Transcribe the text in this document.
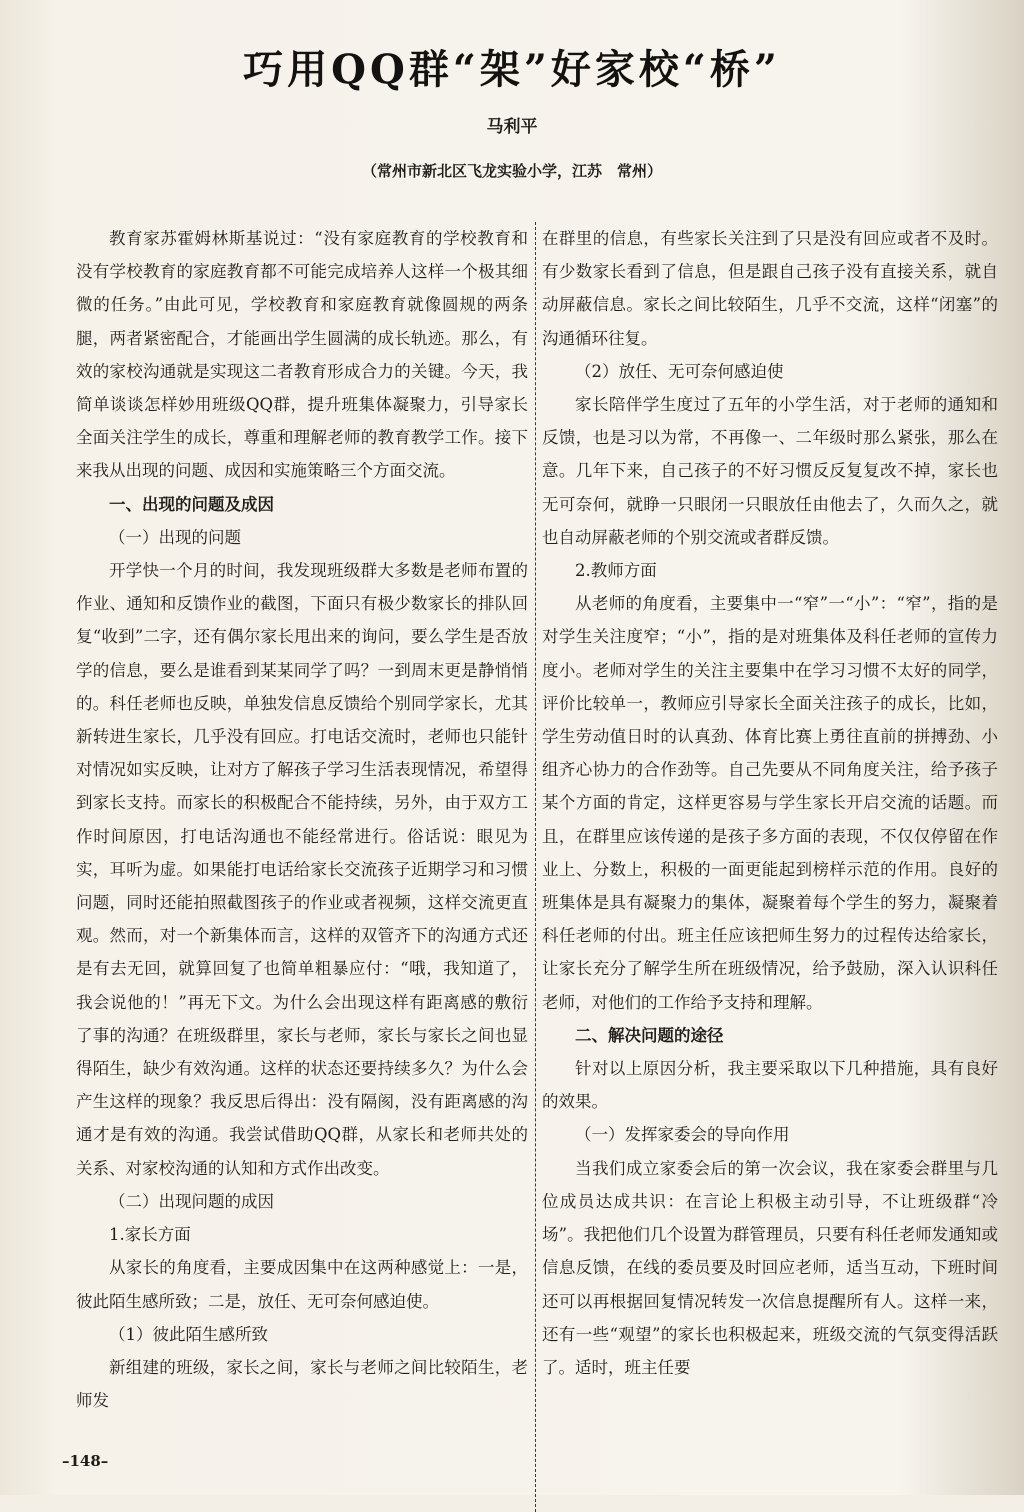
巧用QQ群“架”好家校“桥”
马利平
（常州市新北区飞龙实验小学，江苏　常州）

教育家苏霍姆林斯基说过：“没有家庭教育的学校教育和没有学校教育的家庭教育都不可能完成培养人这样一个极其细微的任务。”由此可见，学校教育和家庭教育就像圆规的两条腿，两者紧密配合，才能画出学生圆满的成长轨迹。那么，有效的家校沟通就是实现这二者教育形成合力的关键。今天，我简单谈谈怎样妙用班级QQ群，提升班集体凝聚力，引导家长全面关注学生的成长，尊重和理解老师的教育教学工作。接下来我从出现的问题、成因和实施策略三个方面交流。

一、出现的问题及成因
（一）出现的问题

开学快一个月的时间，我发现班级群大多数是老师布置的作业、通知和反馈作业的截图，下面只有极少数家长的排队回复“收到”二字，还有偶尔家长甩出来的询问，要么学生是否放学的信息，要么是谁看到某某同学了吗？一到周末更是静悄悄的。科任老师也反映，单独发信息反馈给个别同学家长，尤其新转进生家长，几乎没有回应。打电话交流时，老师也只能针对情况如实反映，让对方了解孩子学习生活表现情况，希望得到家长支持。而家长的积极配合不能持续，另外，由于双方工作时间原因，打电话沟通也不能经常进行。俗话说：眼见为实，耳听为虚。如果能打电话给家长交流孩子近期学习和习惯问题，同时还能拍照截图孩子的作业或者视频，这样交流更直观。然而，对一个新集体而言，这样的双管齐下的沟通方式还是有去无回，就算回复了也简单粗暴应付：“哦，我知道了，我会说他的！”再无下文。为什么会出现这样有距离感的敷衍了事的沟通？在班级群里，家长与老师，家长与家长之间也显得陌生，缺少有效沟通。这样的状态还要持续多久？为什么会产生这样的现象？我反思后得出：没有隔阂，没有距离感的沟通才是有效的沟通。我尝试借助QQ群，从家长和老师共处的关系、对家校沟通的认知和方式作出改变。

（二）出现问题的成因
1.家长方面

从家长的角度看，主要成因集中在这两种感觉上：一是，彼此陌生感所致；二是，放任、无可奈何感迫使。

（1）彼此陌生感所致

新组建的班级，家长之间，家长与老师之间比较陌生，老师发

在群里的信息，有些家长关注到了只是没有回应或者不及时。有少数家长看到了信息，但是跟自己孩子没有直接关系，就自动屏蔽信息。家长之间比较陌生，几乎不交流，这样“闭塞”的沟通循环往复。

（2）放任、无可奈何感迫使

家长陪伴学生度过了五年的小学生活，对于老师的通知和反馈，也是习以为常，不再像一、二年级时那么紧张，那么在意。几年下来，自己孩子的不好习惯反反复复改不掉，家长也无可奈何，就睁一只眼闭一只眼放任由他去了，久而久之，就也自动屏蔽老师的个别交流或者群反馈。

2.教师方面

从老师的角度看，主要集中一“窄”一“小”：“窄”，指的是对学生关注度窄；“小”，指的是对班集体及科任老师的宣传力度小。老师对学生的关注主要集中在学习习惯不太好的同学，评价比较单一，教师应引导家长全面关注孩子的成长，比如，学生劳动值日时的认真劲、体育比赛上勇往直前的拼搏劲、小组齐心协力的合作劲等。自己先要从不同角度关注，给予孩子某个方面的肯定，这样更容易与学生家长开启交流的话题。而且，在群里应该传递的是孩子多方面的表现，不仅仅停留在作业上、分数上，积极的一面更能起到榜样示范的作用。良好的班集体是具有凝聚力的集体，凝聚着每个学生的努力，凝聚着科任老师的付出。班主任应该把师生努力的过程传达给家长，让家长充分了解学生所在班级情况，给予鼓励，深入认识科任老师，对他们的工作给予支持和理解。

二、解决问题的途径

针对以上原因分析，我主要采取以下几种措施，具有良好的效果。

（一）发挥家委会的导向作用

当我们成立家委会后的第一次会议，我在家委会群里与几位成员达成共识：在言论上积极主动引导，不让班级群“冷场”。我把他们几个设置为群管理员，只要有科任老师发通知或信息反馈，在线的委员要及时回应老师，适当互动，下班时间还可以再根据回复情况转发一次信息提醒所有人。这样一来，还有一些“观望”的家长也积极起来，班级交流的气氛变得活跃了。适时，班主任要

–148–
